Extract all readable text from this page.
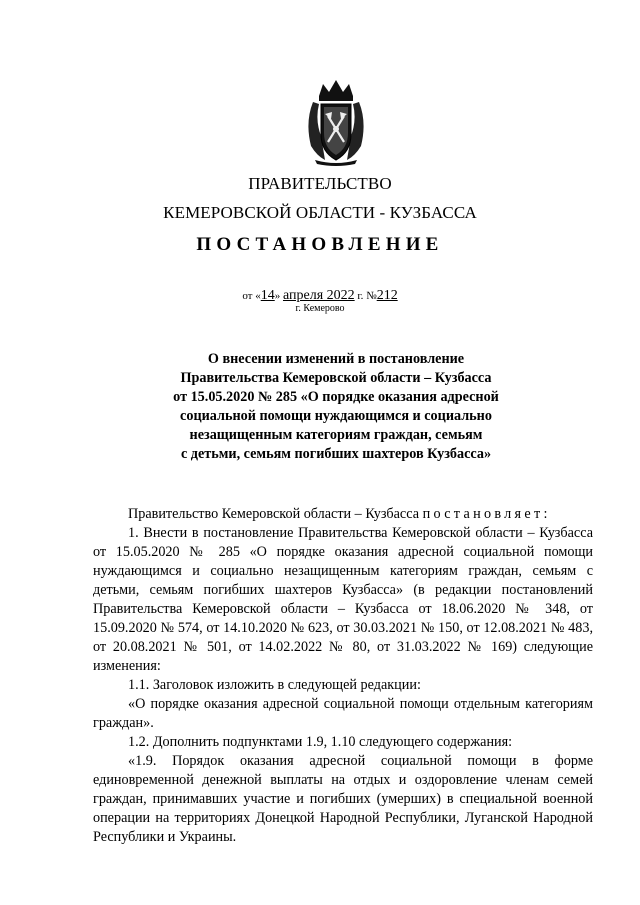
ПРАВИТЕЛЬСТВО
КЕМЕРОВСКОЙ ОБЛАСТИ - КУЗБАССА
ПОСТАНОВЛЕНИЕ
от «14» апреля 2022 г. №212
г. Кемерово
О внесении изменений в постановление
Правительства Кемеровской области – Кузбасса
от 15.05.2020 № 285 «О порядке оказания адресной
социальной помощи нуждающимся и социально
незащищенным категориям граждан, семьям
с детьми, семьям погибших шахтеров Кузбасса»
Правительство Кемеровской области – Кузбасса постановляет:
1. Внести в постановление Правительства Кемеровской области – Кузбасса от 15.05.2020 № 285 «О порядке оказания адресной социальной помощи нуждающимся и социально незащищенным категориям граждан, семьям с детьми, семьям погибших шахтеров Кузбасса» (в редакции постановлений Правительства Кемеровской области – Кузбасса от 18.06.2020 № 348, от 15.09.2020 № 574, от 14.10.2020 № 623, от 30.03.2021 № 150, от 12.08.2021 № 483, от 20.08.2021 № 501, от 14.02.2022 № 80, от 31.03.2022 № 169) следующие изменения:
1.1. Заголовок изложить в следующей редакции:
«О порядке оказания адресной социальной помощи отдельным категориям граждан».
1.2. Дополнить подпунктами 1.9, 1.10 следующего содержания:
«1.9. Порядок оказания адресной социальной помощи в форме единовременной денежной выплаты на отдых и оздоровление членам семей граждан, принимавших участие и погибших (умерших) в специальной военной операции на территориях Донецкой Народной Республики, Луганской Народной Республики и Украины.
